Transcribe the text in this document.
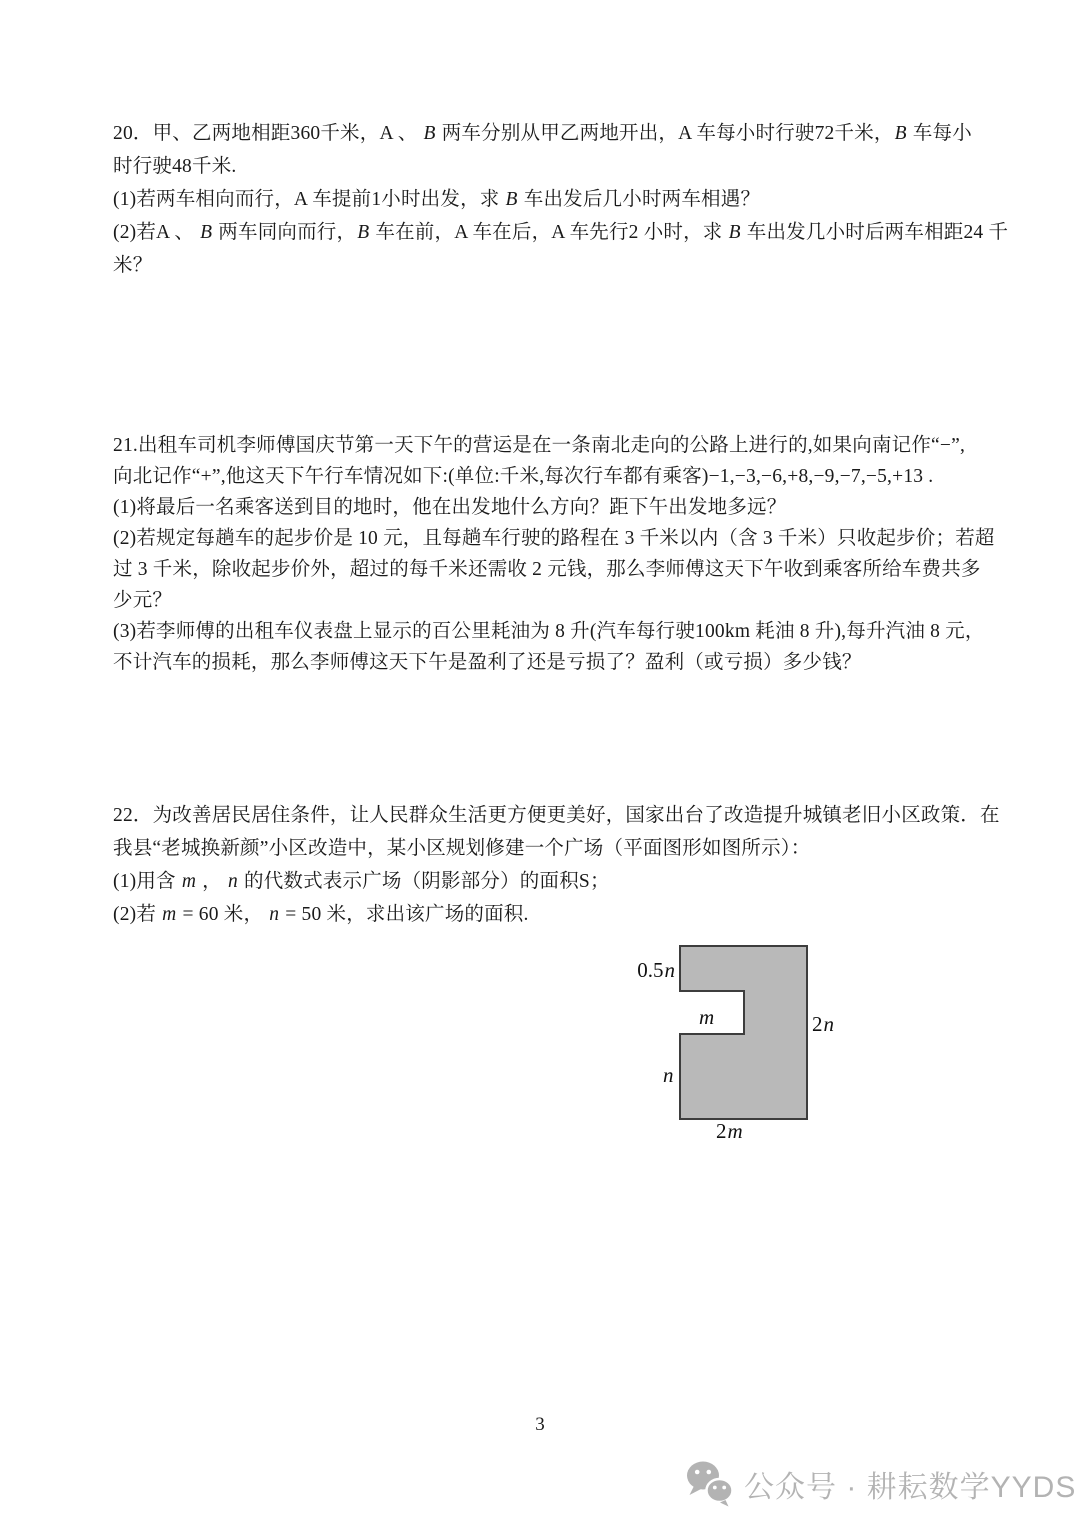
20．甲、乙两地相距360千米，A 、 B 两车分别从甲乙两地开出，A 车每小时行驶72千米，B 车每小
时行驶48千米.
(1)若两车相向而行，A 车提前1小时出发，求 B 车出发后几小时两车相遇？
(2)若A 、 B 两车同向而行，B 车在前，A 车在后，A 车先行2 小时，求 B 车出发几小时后两车相距24 千
米？
21.出租车司机李师傅国庆节第一天下午的营运是在一条南北走向的公路上进行的,如果向南记作“−”,
向北记作“+”,他这天下午行车情况如下:(单位:千米,每次行车都有乘客)−1,−3,−6,+8,−9,−7,−5,+13 .
(1)将最后一名乘客送到目的地时，他在出发地什么方向？距下午出发地多远？
(2)若规定每趟车的起步价是 10 元，且每趟车行驶的路程在 3 千米以内（含 3 千米）只收起步价；若超
过 3 千米，除收起步价外，超过的每千米还需收 2 元钱，那么李师傅这天下午收到乘客所给车费共多
少元？
(3)若李师傅的出租车仪表盘上显示的百公里耗油为 8 升(汽车每行驶100km 耗油 8 升),每升汽油 8 元，
不计汽车的损耗，那么李师傅这天下午是盈利了还是亏损了？盈利（或亏损）多少钱？
22．为改善居民居住条件，让人民群众生活更方便更美好，国家出台了改造提升城镇老旧小区政策．在
我县“老城换新颜”小区改造中，某小区规划修建一个广场（平面图形如图所示）：
(1)用含 m ， n 的代数式表示广场（阴影部分）的面积S；
(2)若 m = 60 米， n = 50 米，求出该广场的面积.
0.5n
m	2n
n
2m
3
公众号 · 耕耘数学YYDS
